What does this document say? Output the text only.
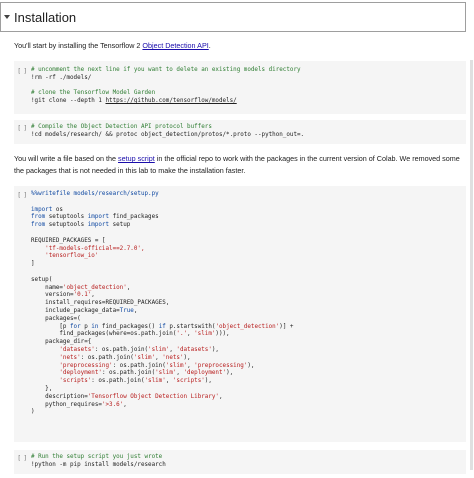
Installation
You'll start by installing the Tensorflow 2 Object Detection API.
[ ] # uncomment the next line if you want to delete an existing models directory
!rm -rf ./models/

# clone the Tensorflow Model Garden
!git clone --depth 1 https://github.com/tensorflow/models/
[ ] # Compile the Object Detection API protocol buffers
!cd models/research/ && protoc object_detection/protos/*.proto --python_out=.
You will write a file based on the setup script in the official repo to work with the packages in the current version of Colab. We removed some
the packages that is not needed in this lab to make the installation faster.
[ ] %%writefile models/research/setup.py

import os
from setuptools import find_packages
from setuptools import setup

REQUIRED_PACKAGES = [
'tf-models-official==2.7.0',
'tensorflow_io'
]

setup(
name='object_detection',
version='0.1',
install_requires=REQUIRED_PACKAGES,
include_package_data=True,
packages=(
[p for p in find_packages() if p.startswith('object_detection')] +
find_packages(where=os.path.join('.', 'slim'))),
package_dir={
'datasets': os.path.join('slim', 'datasets'),
'nets': os.path.join('slim', 'nets'),
'preprocessing': os.path.join('slim', 'preprocessing'),
'deployment': os.path.join('slim', 'deployment'),
'scripts': os.path.join('slim', 'scripts'),
},
description='Tensorflow Object Detection Library',
python_requires='>3.6',
)
[ ] # Run the setup script you just wrote
!python -m pip install models/research
